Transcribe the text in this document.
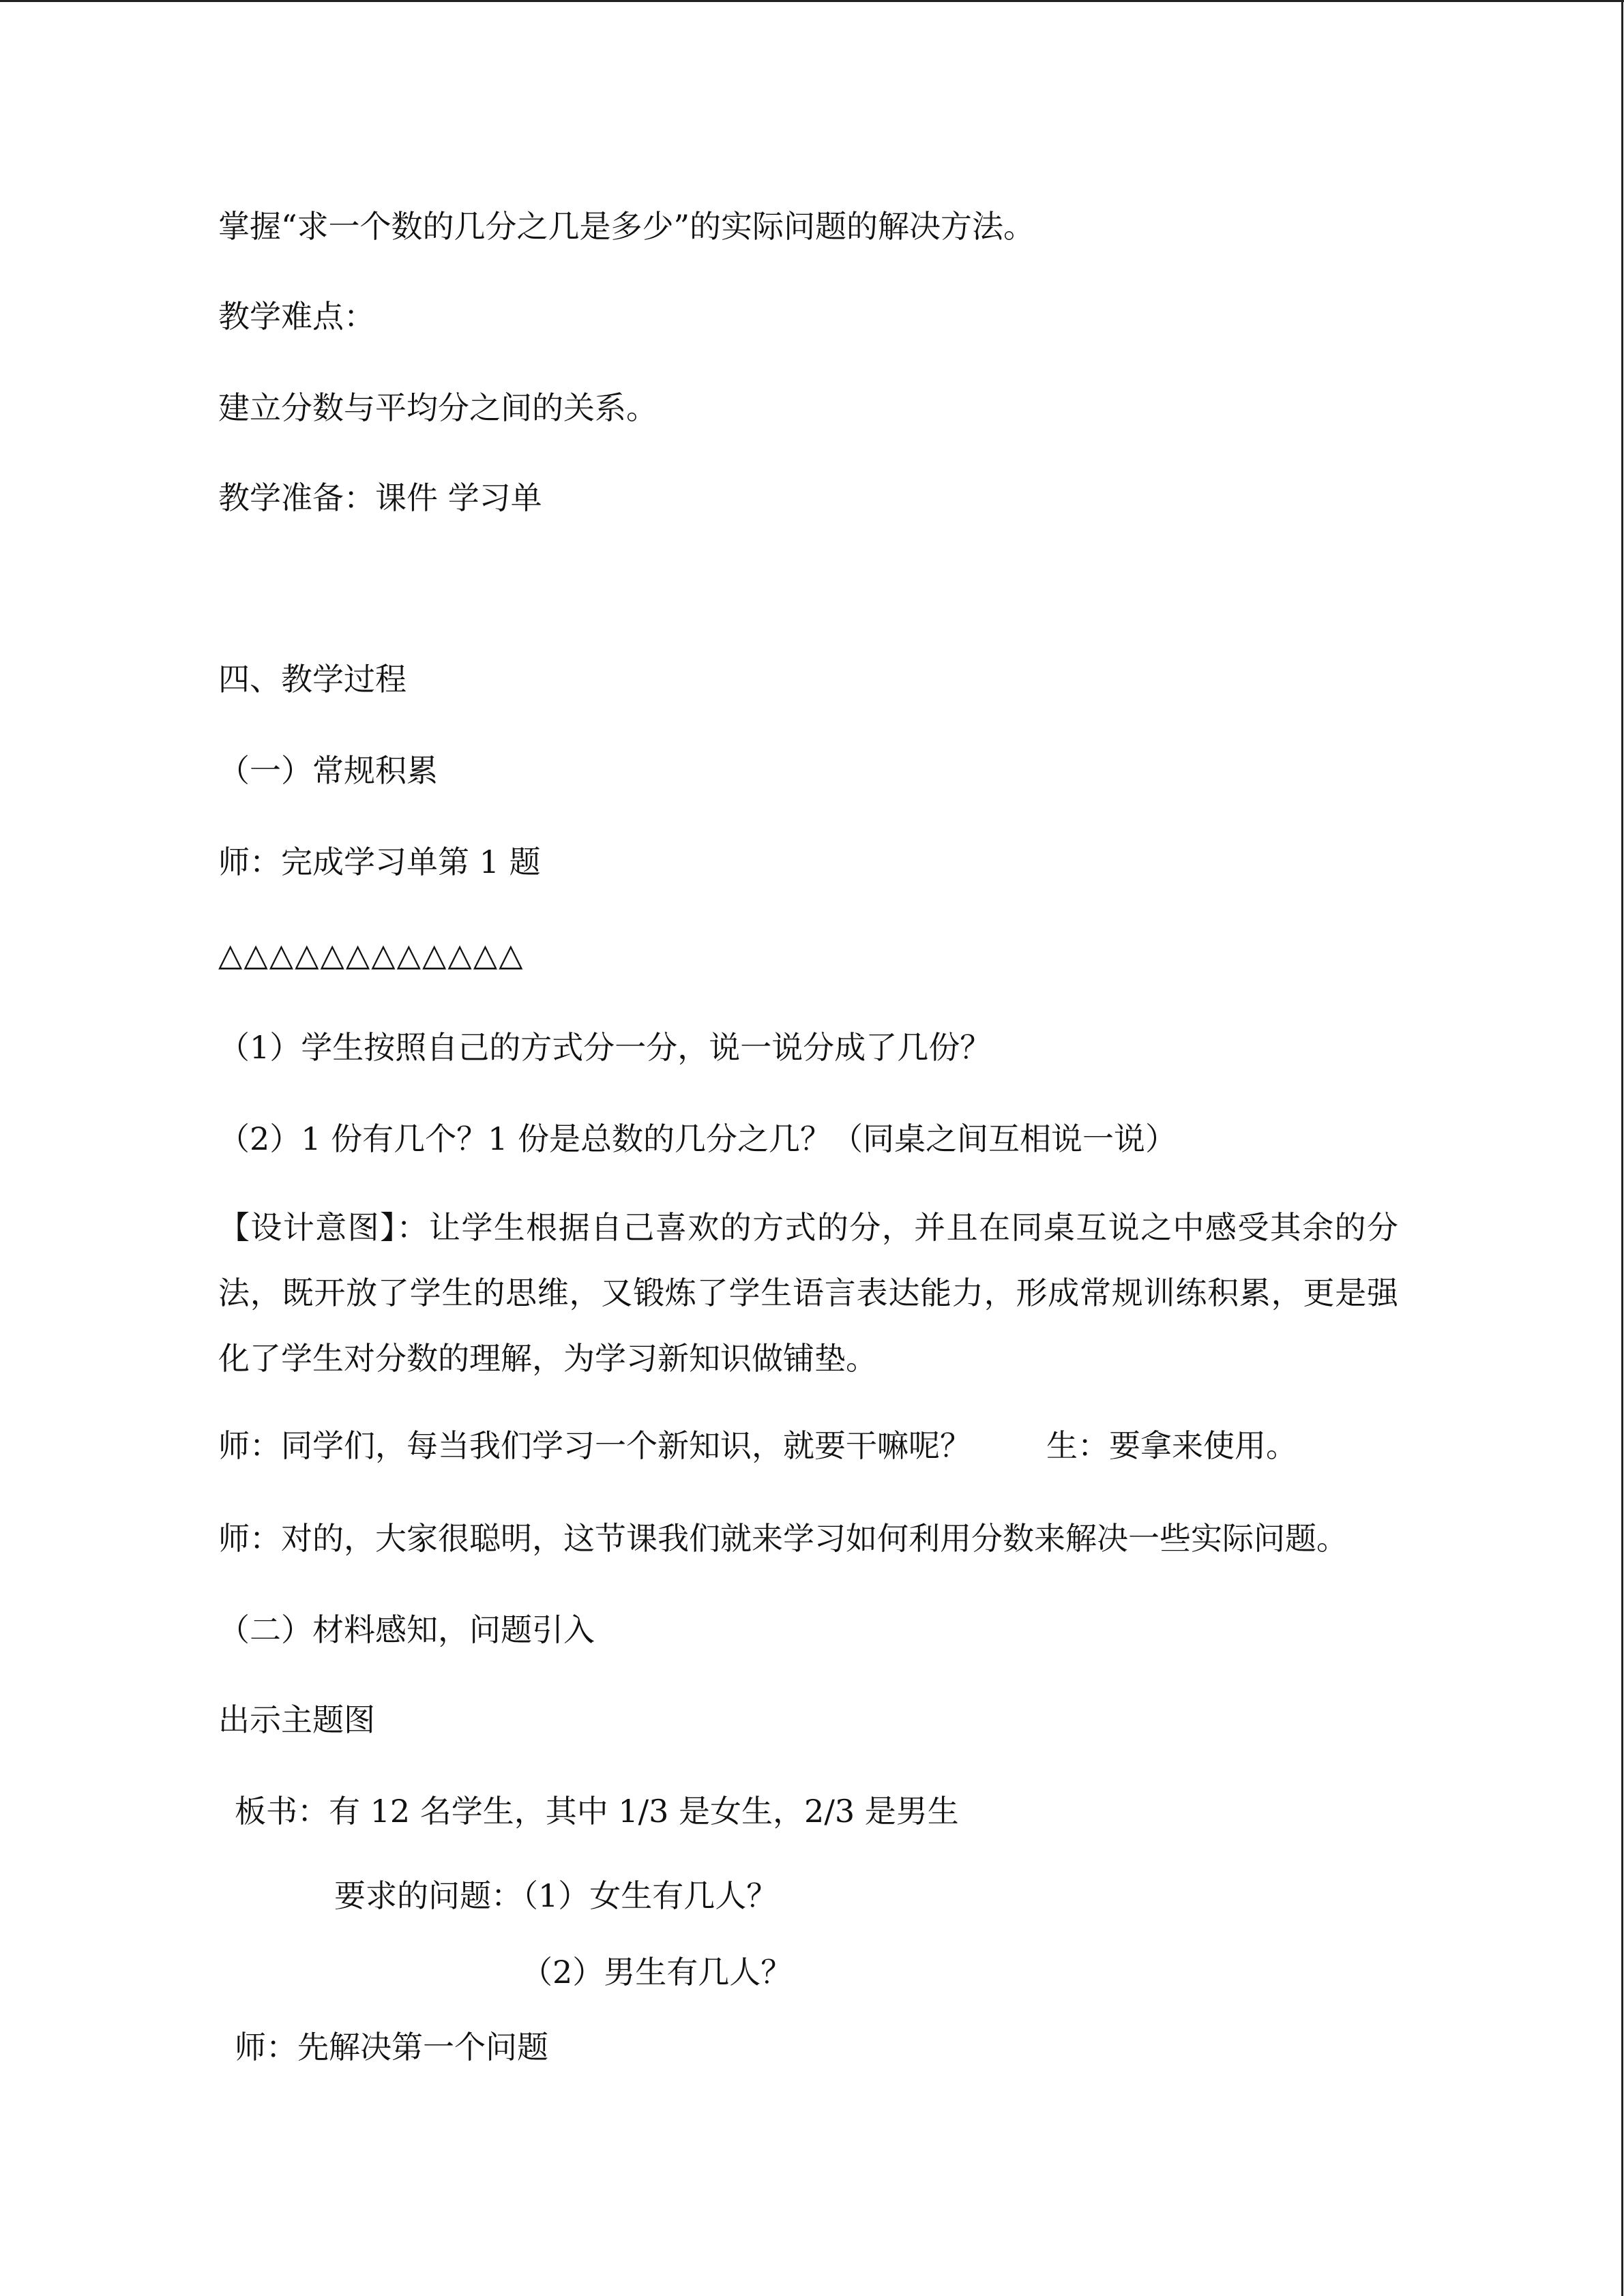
掌握“求一个数的几分之几是多少”的实际问题的解决方法。
教学难点：
建立分数与平均分之间的关系。
教学准备：课件 学习单
四、教学过程
（一）常规积累
师：完成学习单第 1 题
△△△△△△△△△△△△
（1）学生按照自己的方式分一分，说一说分成了几份？
（2）1 份有几个？1 份是总数的几分之几？（同桌之间互相说一说）
【设计意图】：让学生根据自己喜欢的方式的分，并且在同桌互说之中感受其余的分法，既开放了学生的思维，又锻炼了学生语言表达能力，形成常规训练积累，更是强化了学生对分数的理解，为学习新知识做铺垫。
师：同学们，每当我们学习一个新知识，就要干嘛呢？ 生：要拿来使用。
师：对的，大家很聪明，这节课我们就来学习如何利用分数来解决一些实际问题。
（二）材料感知，问题引入
出示主题图
板书：有 12 名学生，其中 1/3 是女生，2/3 是男生
要求的问题：（1）女生有几人？
（2）男生有几人？
师：先解决第一个问题
